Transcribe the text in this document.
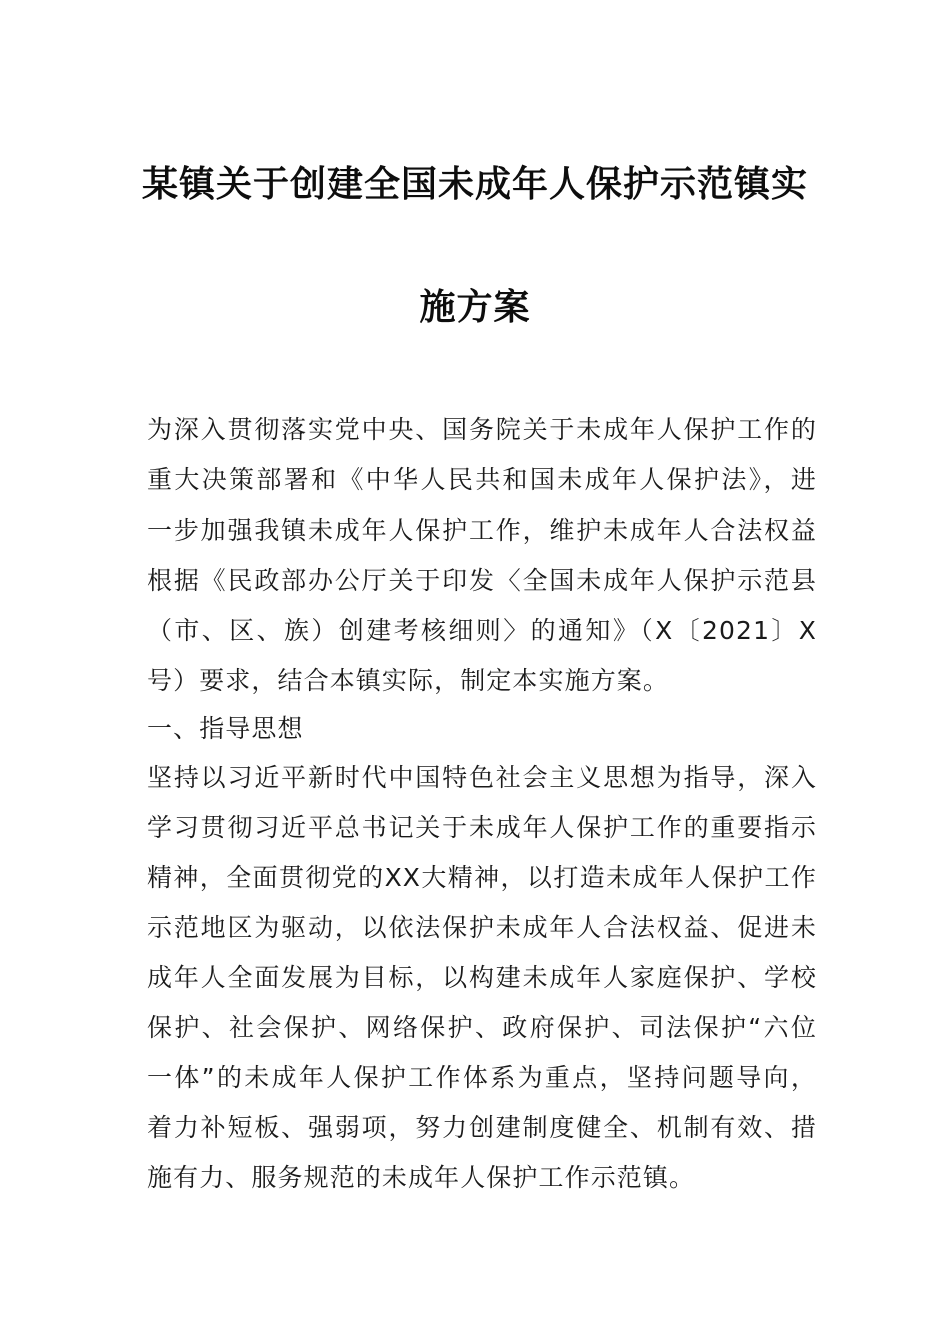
某镇关于创建全国未成年人保护示范镇实
施方案
为深入贯彻落实党中央、国务院关于未成年人保护工作的
重大决策部署和《中华人民共和国未成年人保护法》，进
一步加强我镇未成年人保护工作，维护未成年人合法权益
根据《民政部办公厅关于印发〈全国未成年人保护示范县
（市、区、族）创建考核细则〉的通知》（X〔2021〕X
号）要求，结合本镇实际，制定本实施方案。
一、指导思想
坚持以习近平新时代中国特色社会主义思想为指导，深入
学习贯彻习近平总书记关于未成年人保护工作的重要指示
精神，全面贯彻党的XX大精神，以打造未成年人保护工作
示范地区为驱动，以依法保护未成年人合法权益、促进未
成年人全面发展为目标，以构建未成年人家庭保护、学校
保护、社会保护、网络保护、政府保护、司法保护“六位
一体”的未成年人保护工作体系为重点，坚持问题导向，
着力补短板、强弱项，努力创建制度健全、机制有效、措
施有力、服务规范的未成年人保护工作示范镇。
